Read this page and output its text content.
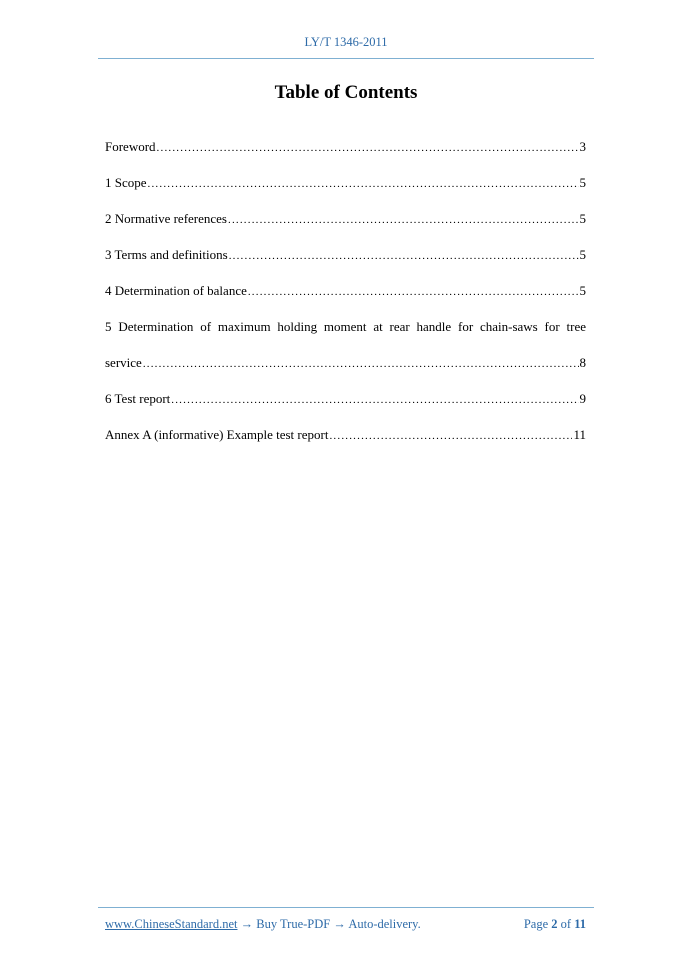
LY/T 1346-2011
Table of Contents
Foreword .....	3
1 Scope .....	5
2 Normative references .....	5
3 Terms and definitions .....	5
4 Determination of balance .....	5
5 Determination of maximum holding moment at rear handle for chain-saws for tree
service .....	8
6 Test report .....	9
Annex A (informative) Example test report .....	11
www.ChineseStandard.net → Buy True-PDF → Auto-delivery.	Page 2 of 11
